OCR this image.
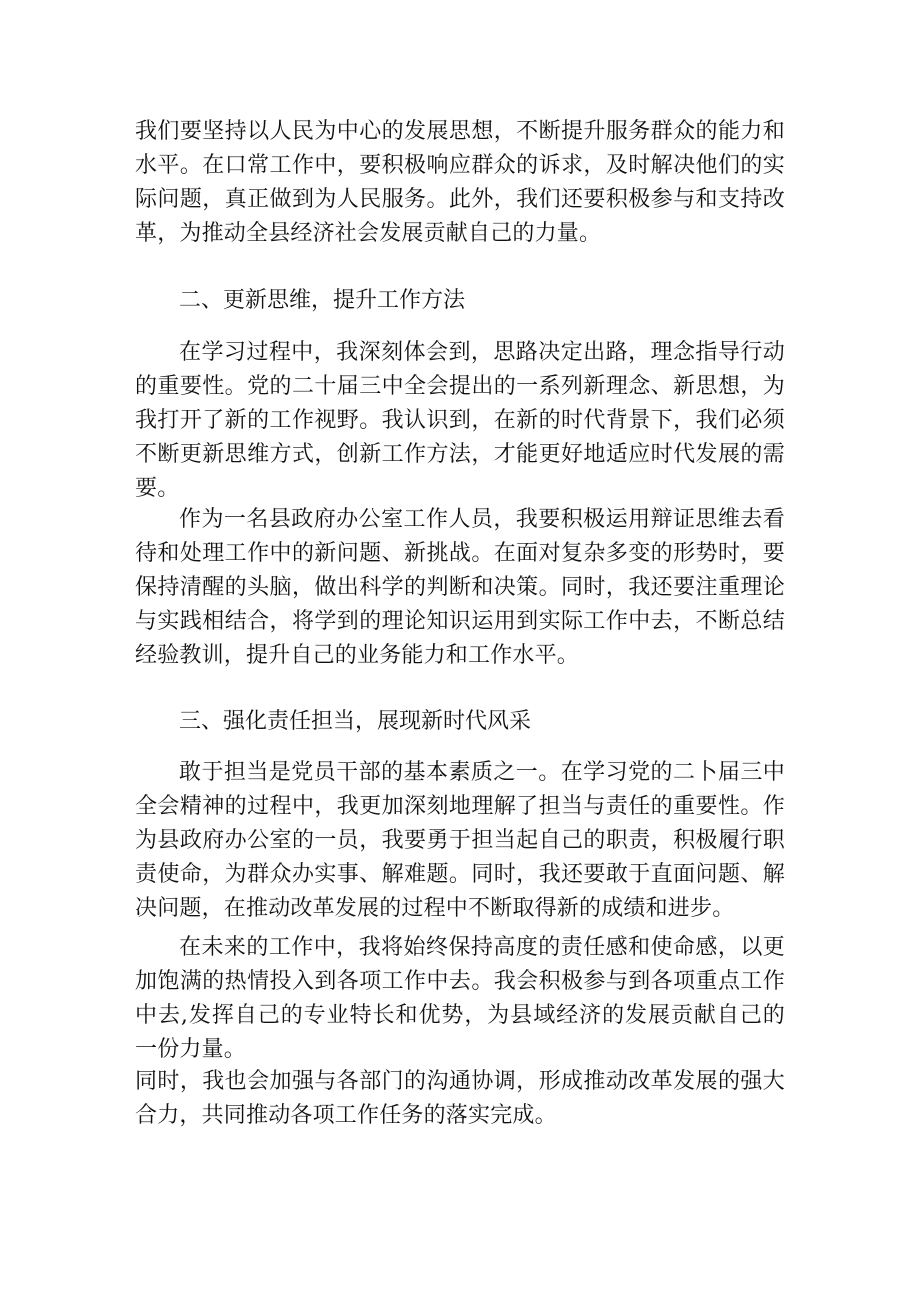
我们要坚持以人民为中心的发展思想，不断提升服务群众的能力和水平。在口常工作中，要积极响应群众的诉求，及时解决他们的实际问题，真正做到为人民服务。此外，我们还要积极参与和支持改革，为推动全县经济社会发展贡献自己的力量。
二、更新思维，提升工作方法
在学习过程中，我深刻体会到，思路决定出路，理念指导行动的重要性。党的二十届三中全会提出的一系列新理念、新思想，为我打开了新的工作视野。我认识到，在新的时代背景下，我们必须不断更新思维方式，创新工作方法，才能更好地适应时代发展的需要。
作为一名县政府办公室工作人员，我要积极运用辩证思维去看待和处理工作中的新问题、新挑战。在面对复杂多变的形势时，要保持清醒的头脑，做出科学的判断和决策。同时，我还要注重理论与实践相结合，将学到的理论知识运用到实际工作中去，不断总结经验教训，提升自己的业务能力和工作水平。
三、强化责任担当，展现新时代风采
敢于担当是党员干部的基本素质之一。在学习党的二卜届三中全会精神的过程中，我更加深刻地理解了担当与责任的重要性。作为县政府办公室的一员，我要勇于担当起自己的职责，积极履行职责使命，为群众办实事、解难题。同时，我还要敢于直面问题、解决问题，在推动改革发展的过程中不断取得新的成绩和进步。
在未来的工作中，我将始终保持高度的责任感和使命感，以更加饱满的热情投入到各项工作中去。我会积极参与到各项重点工作中去,发挥自己的专业特长和优势，为县域经济的发展贡献自己的一份力量。
同时，我也会加强与各部门的沟通协调，形成推动改革发展的强大合力，共同推动各项工作任务的落实完成。
